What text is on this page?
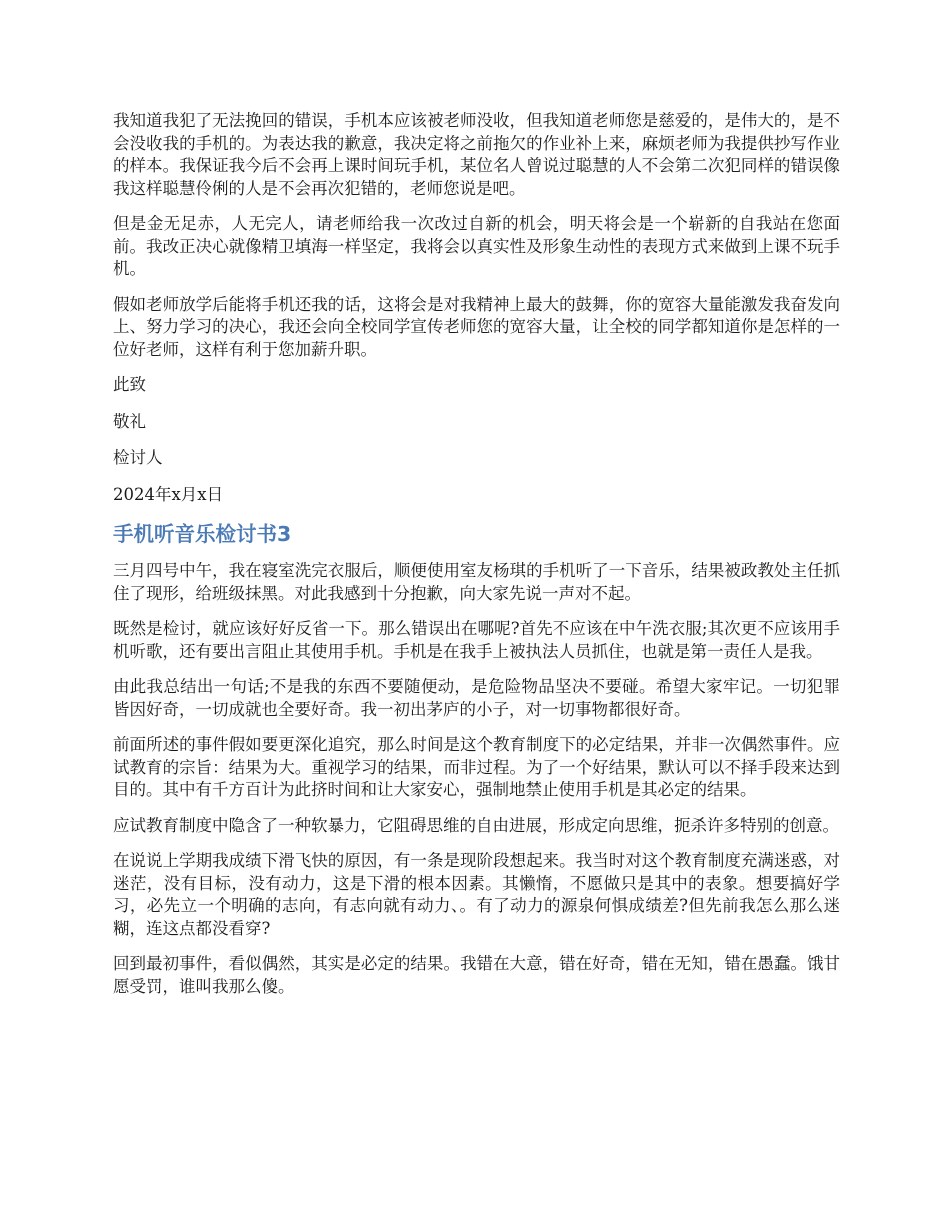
我知道我犯了无法挽回的错误，手机本应该被老师没收，但我知道老师您是慈爱的，是伟大的，是不会没收我的手机的。为表达我的歉意，我决定将之前拖欠的作业补上来，麻烦老师为我提供抄写作业的样本。我保证我今后不会再上课时间玩手机，某位名人曾说过聪慧的人不会第二次犯同样的错误像我这样聪慧伶俐的人是不会再次犯错的，老师您说是吧。

但是金无足赤，人无完人，请老师给我一次改过自新的机会，明天将会是一个崭新的自我站在您面前。我改正决心就像精卫填海一样坚定，我将会以真实性及形象生动性的表现方式来做到上课不玩手机。

假如老师放学后能将手机还我的话，这将会是对我精神上最大的鼓舞，你的宽容大量能激发我奋发向上、努力学习的决心，我还会向全校同学宣传老师您的宽容大量，让全校的同学都知道你是怎样的一位好老师，这样有利于您加薪升职。

此致

敬礼

检讨人

2024年x月x日

手机听音乐检讨书3

三月四号中午，我在寝室洗完衣服后，顺便使用室友杨琪的手机听了一下音乐，结果被政教处主任抓住了现形，给班级抹黑。对此我感到十分抱歉，向大家先说一声对不起。

既然是检讨，就应该好好反省一下。那么错误出在哪呢?首先不应该在中午洗衣服;其次更不应该用手机听歌，还有要出言阻止其使用手机。手机是在我手上被执法人员抓住，也就是第一责任人是我。

由此我总结出一句话;不是我的东西不要随便动，是危险物品坚决不要碰。希望大家牢记。一切犯罪皆因好奇，一切成就也全要好奇。我一初出茅庐的小子，对一切事物都很好奇。

前面所述的事件假如要更深化追究，那么时间是这个教育制度下的必定结果，并非一次偶然事件。应试教育的宗旨：结果为大。重视学习的结果，而非过程。为了一个好结果，默认可以不择手段来达到目的。其中有千方百计为此挤时间和让大家安心，强制地禁止使用手机是其必定的结果。

应试教育制度中隐含了一种软暴力，它阻碍思维的自由进展，形成定向思维，扼杀许多特别的创意。

在说说上学期我成绩下滑飞快的原因，有一条是现阶段想起来。我当时对这个教育制度充满迷惑，对迷茫，没有目标，没有动力，这是下滑的根本因素。其懒惰，不愿做只是其中的表象。想要搞好学习，必先立一个明确的志向，有志向就有动力、。有了动力的源泉何惧成绩差?但先前我怎么那么迷糊，连这点都没看穿?

回到最初事件，看似偶然，其实是必定的结果。我错在大意，错在好奇，错在无知，错在愚蠢。饿甘愿受罚，谁叫我那么傻。
